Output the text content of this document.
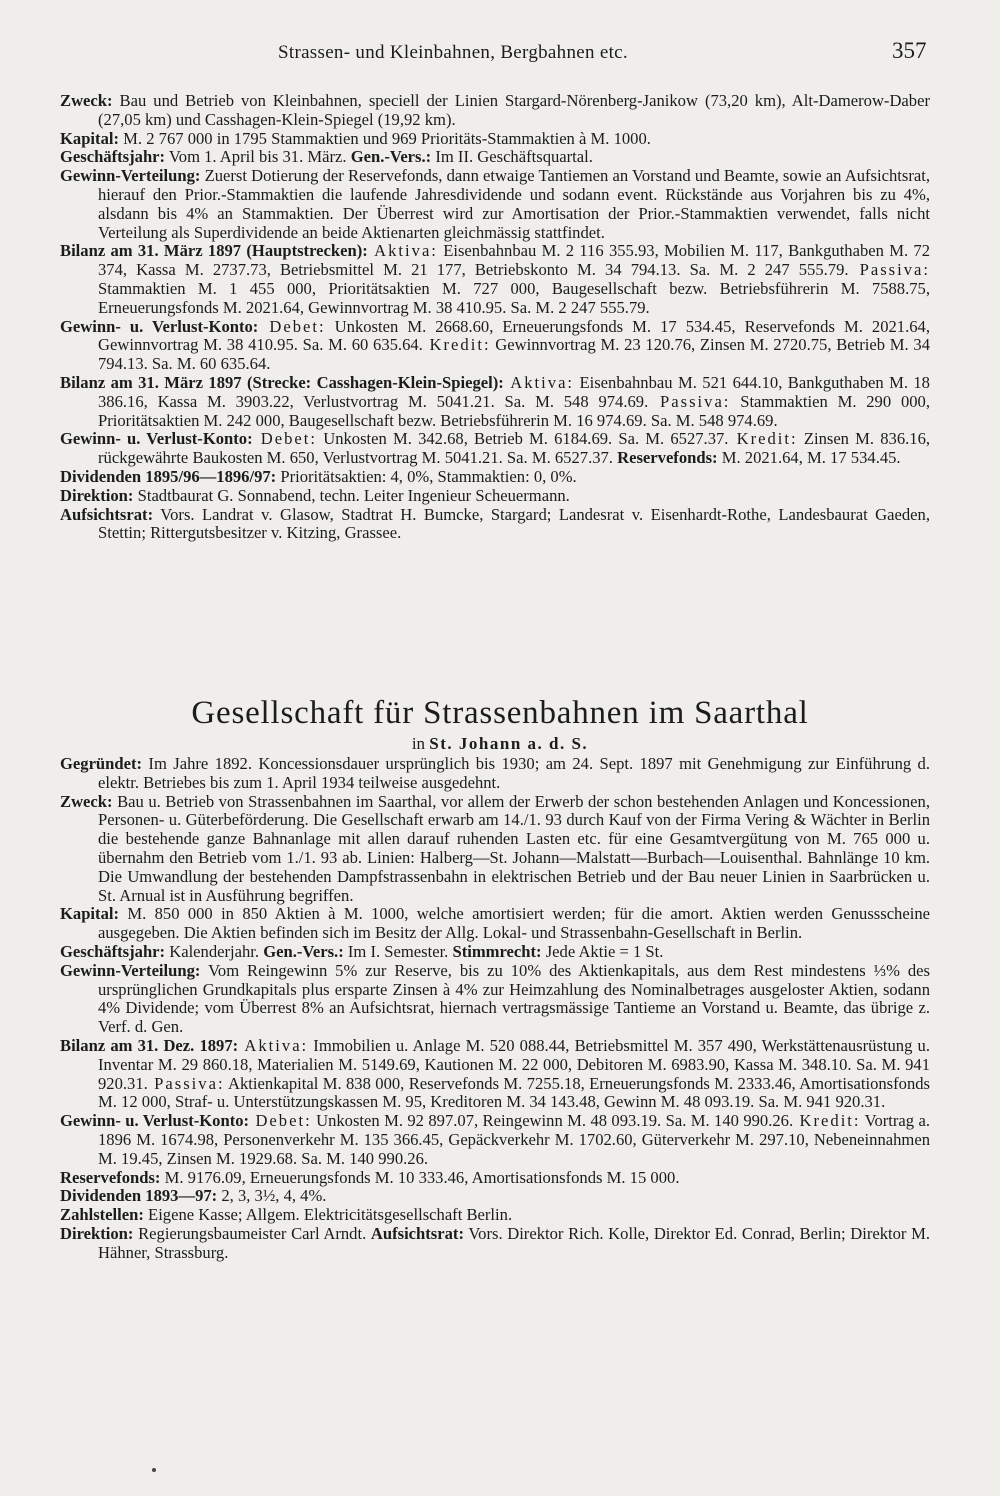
Strassen- und Kleinbahnen, Bergbahnen etc.	357

Zweck: Bau und Betrieb von Kleinbahnen, speciell der Linien Stargard-Nörenberg-Janikow (73,20 km), Alt-Damerow-Daber (27,05 km) und Casshagen-Klein-Spiegel (19,92 km).

Kapital: M. 2 767 000 in 1795 Stammaktien und 969 Prioritäts-Stammaktien à M. 1000.

Geschäftsjahr: Vom 1. April bis 31. März. Gen.-Vers.: Im II. Geschäftsquartal.

Gewinn-Verteilung: Zuerst Dotierung der Reservefonds, dann etwaige Tantiemen an Vorstand und Beamte, sowie an Aufsichtsrat, hierauf den Prior.-Stammaktien die laufende Jahresdividende und sodann event. Rückstände aus Vorjahren bis zu 4%, alsdann bis 4% an Stammaktien. Der Überrest wird zur Amortisation der Prior.-Stammaktien verwendet, falls nicht Verteilung als Superdividende an beide Aktienarten gleichmässig stattfindet.

Bilanz am 31. März 1897 (Hauptstrecken): Aktiva: Eisenbahnbau M. 2 116 355.93, Mobilien M. 117, Bankguthaben M. 72 374, Kassa M. 2737.73, Betriebsmittel M. 21 177, Betriebskonto M. 34 794.13. Sa. M. 2 247 555.79. Passiva: Stammaktien M. 1 455 000, Prioritätsaktien M. 727 000, Baugesellschaft bezw. Betriebsführerin M. 7588.75, Erneuerungsfonds M. 2021.64, Gewinnvortrag M. 38 410.95. Sa. M. 2 247 555.79.

Gewinn- u. Verlust-Konto: Debet: Unkosten M. 2668.60, Erneuerungsfonds M. 17 534.45, Reservefonds M. 2021.64, Gewinnvortrag M. 38 410.95. Sa. M. 60 635.64. Kredit: Gewinnvortrag M. 23 120.76, Zinsen M. 2720.75, Betrieb M. 34 794.13. Sa. M. 60 635.64.

Bilanz am 31. März 1897 (Strecke: Casshagen-Klein-Spiegel): Aktiva: Eisenbahnbau M. 521 644.10, Bankguthaben M. 18 386.16, Kassa M. 3903.22, Verlustvortrag M. 5041.21. Sa. M. 548 974.69. Passiva: Stammaktien M. 290 000, Prioritätsaktien M. 242 000, Baugesellschaft bezw. Betriebsführerin M. 16 974.69. Sa. M. 548 974.69.

Gewinn- u. Verlust-Konto: Debet: Unkosten M. 342.68, Betrieb M. 6184.69. Sa. M. 6527.37. Kredit: Zinsen M. 836.16, rückgewährte Baukosten M. 650, Verlustvortrag M. 5041.21. Sa. M. 6527.37. Reservefonds: M. 2021.64, M. 17 534.45.

Dividenden 1895/96—1896/97: Prioritätsaktien: 4, 0%, Stammaktien: 0, 0%.

Direktion: Stadtbaurat G. Sonnabend, techn. Leiter Ingenieur Scheuermann.

Aufsichtsrat: Vors. Landrat v. Glasow, Stadtrat H. Bumcke, Stargard; Landesrat v. Eisenhardt-Rothe, Landesbaurat Gaeden, Stettin; Rittergutsbesitzer v. Kitzing, Grassee.

Gesellschaft für Strassenbahnen im Saarthal
in St. Johann a. d. S.

Gegründet: Im Jahre 1892. Koncessionsdauer ursprünglich bis 1930; am 24. Sept. 1897 mit Genehmigung zur Einführung d. elektr. Betriebes bis zum 1. April 1934 teilweise ausgedehnt.

Zweck: Bau u. Betrieb von Strassenbahnen im Saarthal, vor allem der Erwerb der schon bestehenden Anlagen und Koncessionen, Personen- u. Güterbeförderung. Die Gesellschaft erwarb am 14./1. 93 durch Kauf von der Firma Vering & Wächter in Berlin die bestehende ganze Bahnanlage mit allen darauf ruhenden Lasten etc. für eine Gesamtvergütung von M. 765 000 u. übernahm den Betrieb vom 1./1. 93 ab. Linien: Halberg—St. Johann—Malstatt—Burbach—Louisenthal. Bahnlänge 10 km. Die Umwandlung der bestehenden Dampfstrassenbahn in elektrischen Betrieb und der Bau neuer Linien in Saarbrücken u. St. Arnual ist in Ausführung begriffen.

Kapital: M. 850 000 in 850 Aktien à M. 1000, welche amortisiert werden; für die amort. Aktien werden Genussscheine ausgegeben. Die Aktien befinden sich im Besitz der Allg. Lokal- und Strassenbahn-Gesellschaft in Berlin.

Geschäftsjahr: Kalenderjahr. Gen.-Vers.: Im I. Semester. Stimmrecht: Jede Aktie = 1 St.

Gewinn-Verteilung: Vom Reingewinn 5% zur Reserve, bis zu 10% des Aktienkapitals, aus dem Rest mindestens ⅓% des ursprünglichen Grundkapitals plus ersparte Zinsen à 4% zur Heimzahlung des Nominalbetrages ausgeloster Aktien, sodann 4% Dividende; vom Überrest 8% an Aufsichtsrat, hiernach vertragsmässige Tantieme an Vorstand u. Beamte, das übrige z. Verf. d. Gen.

Bilanz am 31. Dez. 1897: Aktiva: Immobilien u. Anlage M. 520 088.44, Betriebsmittel M. 357 490, Werkstättenausrüstung u. Inventar M. 29 860.18, Materialien M. 5149.69, Kautionen M. 22 000, Debitoren M. 6983.90, Kassa M. 348.10. Sa. M. 941 920.31. Passiva: Aktienkapital M. 838 000, Reservefonds M. 7255.18, Erneuerungsfonds M. 2333.46, Amortisationsfonds M. 12 000, Straf- u. Unterstützungskassen M. 95, Kreditoren M. 34 143.48, Gewinn M. 48 093.19. Sa. M. 941 920.31.

Gewinn- u. Verlust-Konto: Debet: Unkosten M. 92 897.07, Reingewinn M. 48 093.19. Sa. M. 140 990.26. Kredit: Vortrag a. 1896 M. 1674.98, Personenverkehr M. 135 366.45, Gepäckverkehr M. 1702.60, Güterverkehr M. 297.10, Nebeneinnahmen M. 19.45, Zinsen M. 1929.68. Sa. M. 140 990.26.

Reservefonds: M. 9176.09, Erneuerungsfonds M. 10 333.46, Amortisationsfonds M. 15 000.

Dividenden 1893—97: 2, 3, 3½, 4, 4%.

Zahlstellen: Eigene Kasse; Allgem. Elektricitätsgesellschaft Berlin.

Direktion: Regierungsbaumeister Carl Arndt. Aufsichtsrat: Vors. Direktor Rich. Kolle, Direktor Ed. Conrad, Berlin; Direktor M. Hähner, Strassburg.
